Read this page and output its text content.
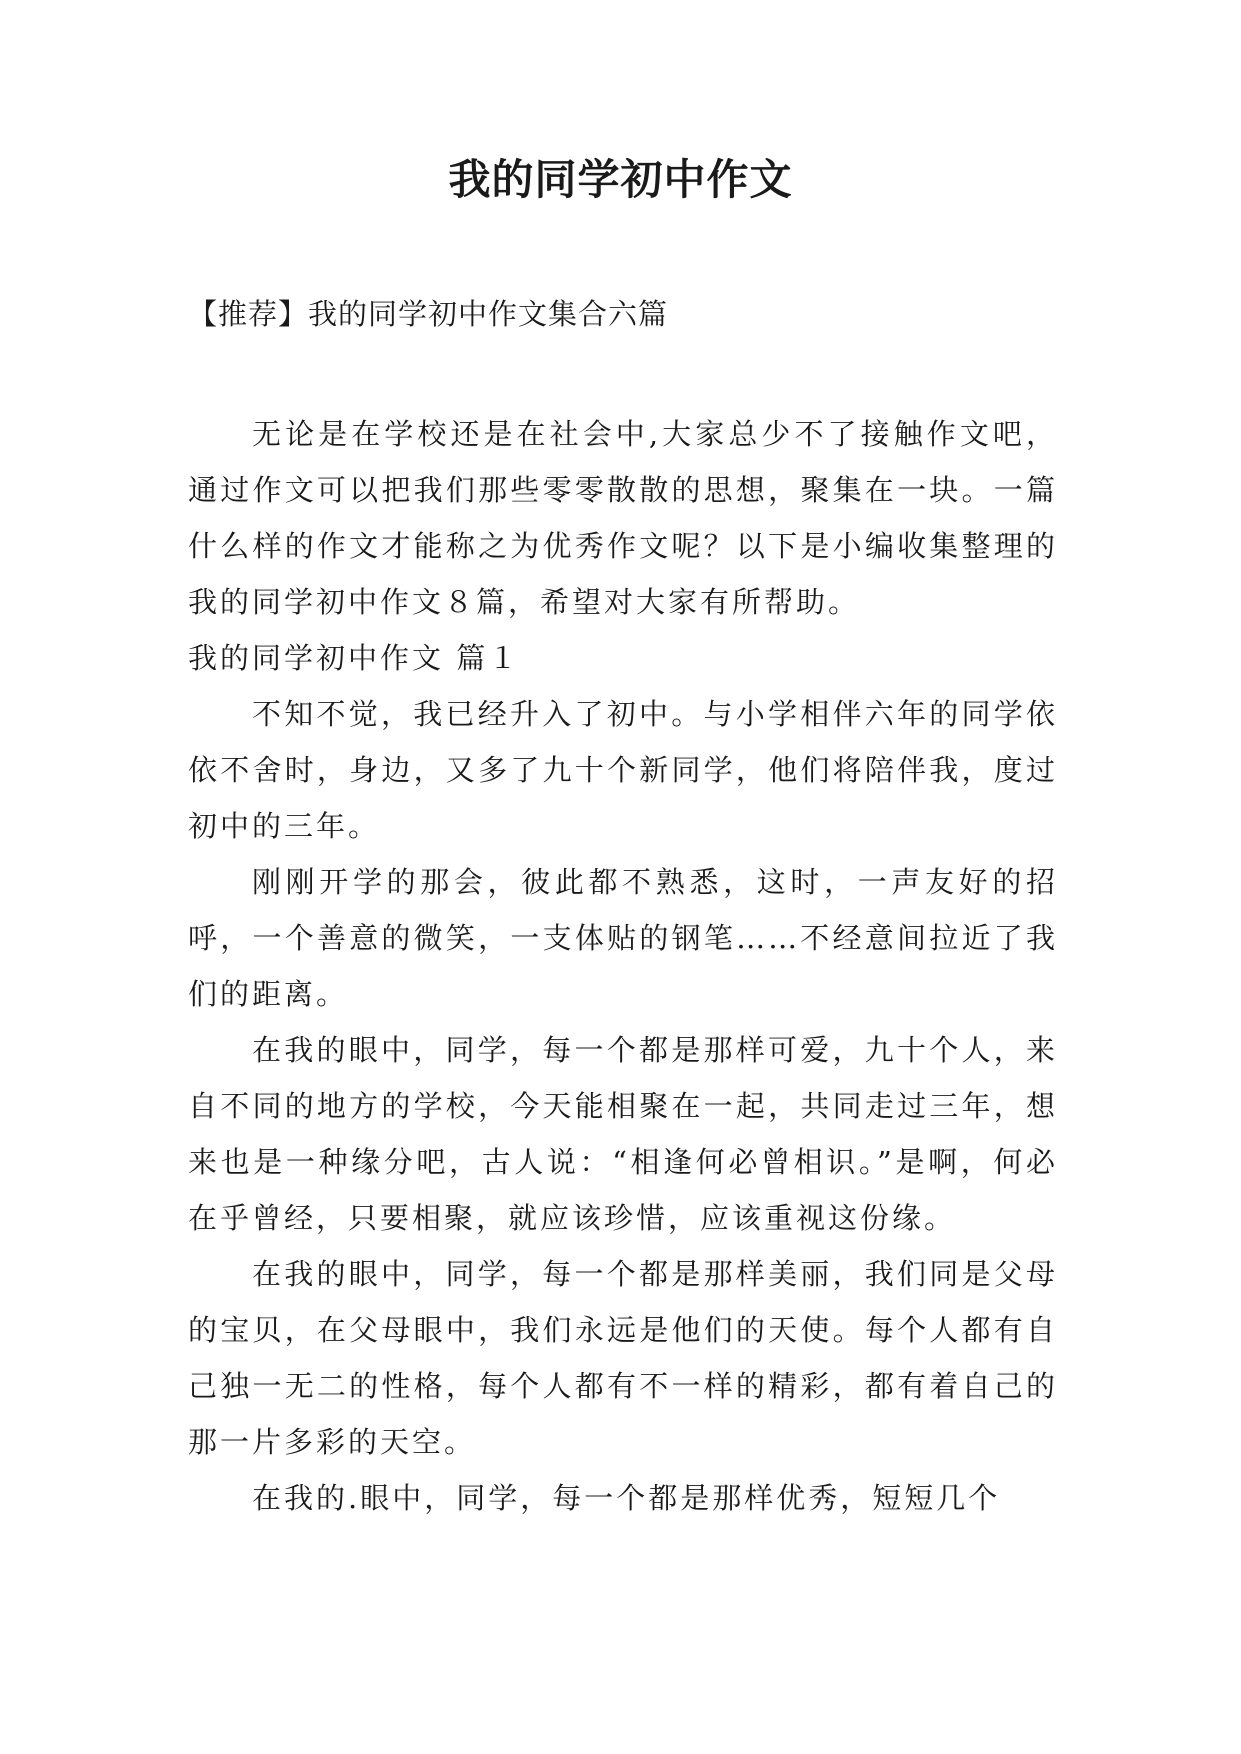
我的同学初中作文
【推荐】我的同学初中作文集合六篇

无论是在学校还是在社会中,大家总少不了接触作文吧，通过作文可以把我们那些零零散散的思想，聚集在一块。一篇什么样的作文才能称之为优秀作文呢？以下是小编收集整理的我的同学初中作文８篇，希望对大家有所帮助。

我的同学初中作文 篇１

不知不觉，我已经升入了初中。与小学相伴六年的同学依依不舍时，身边，又多了九十个新同学，他们将陪伴我，度过初中的三年。

刚刚开学的那会，彼此都不熟悉，这时，一声友好的招呼，一个善意的微笑，一支体贴的钢笔……不经意间拉近了我们的距离。

在我的眼中，同学，每一个都是那样可爱，九十个人，来自不同的地方的学校，今天能相聚在一起，共同走过三年，想来也是一种缘分吧，古人说：“相逢何必曾相识。”是啊，何必在乎曾经，只要相聚，就应该珍惜，应该重视这份缘。

在我的眼中，同学，每一个都是那样美丽，我们同是父母的宝贝，在父母眼中，我们永远是他们的天使。每个人都有自己独一无二的性格，每个人都有不一样的精彩，都有着自己的那一片多彩的天空。

在我的.眼中，同学，每一个都是那样优秀，短短几个
